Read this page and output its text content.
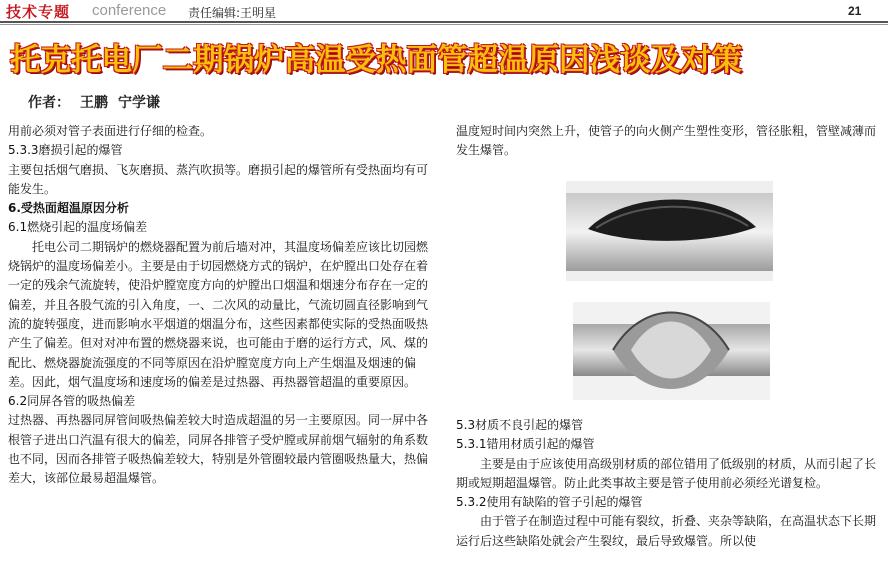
技术专题 conference 责任编辑:王明星	21
托克托电厂二期锅炉高温受热面管超温原因浅谈及对策
作者： 王鹏 宁学谦

用前必须对管子表面进行仔细的检查。

5.3.3磨损引起的爆管

主要包括烟气磨损、飞灰磨损、蒸汽吹损等。磨损引起的爆管所有受热面均有可能发生。

6.受热面超温原因分析

6.1燃烧引起的温度场偏差

托电公司二期锅炉的燃烧器配置为前后墙对冲，其温度场偏差应该比切园燃烧锅炉的温度场偏差小。主要是由于切园燃烧方式的锅炉，在炉膛出口处存在着一定的残余气流旋转，使沿炉膛宽度方向的炉膛出口烟温和烟速分布存在一定的偏差，并且各股气流的引入角度，一、二次风的动量比，气流切圆直径影响到气流的旋转强度，进而影响水平烟道的烟温分布，这些因素都使实际的受热面吸热产生了偏差。但对对冲布置的燃烧器来说，也可能由于磨的运行方式，风、煤的配比、燃烧器旋流强度的不同等原因在沿炉膛宽度方向上产生烟温及烟速的偏差。因此，烟气温度场和速度场的偏差是过热器、再热器管超温的重要原因。

6.2同屏各管的吸热偏差

过热器、再热器同屏管间吸热偏差较大时造成超温的另一主要原因。同一屏中各根管子进出口汽温有很大的偏差，同屏各排管子受炉膛或屏前烟气辐射的角系数也不同，因而各排管子吸热偏差较大，特别是外管圈较最内管圈吸热量大，热偏差大，该部位最易超温爆管。

温度短时间内突然上升，使管子的向火侧产生塑性变形，管径胀粗，管壁减薄而发生爆管。

5.3材质不良引起的爆管

5.3.1错用材质引起的爆管

主要是由于应该使用高级别材质的部位错用了低级别的材质，从而引起了长期或短期超温爆管。防止此类事故主要是管子使用前必须经光谱复检。

5.3.2使用有缺陷的管子引起的爆管

由于管子在制造过程中可能有裂纹，折叠、夹杂等缺陷，在高温状态下长期运行后这些缺陷处就会产生裂纹，最后导致爆管。所以使
